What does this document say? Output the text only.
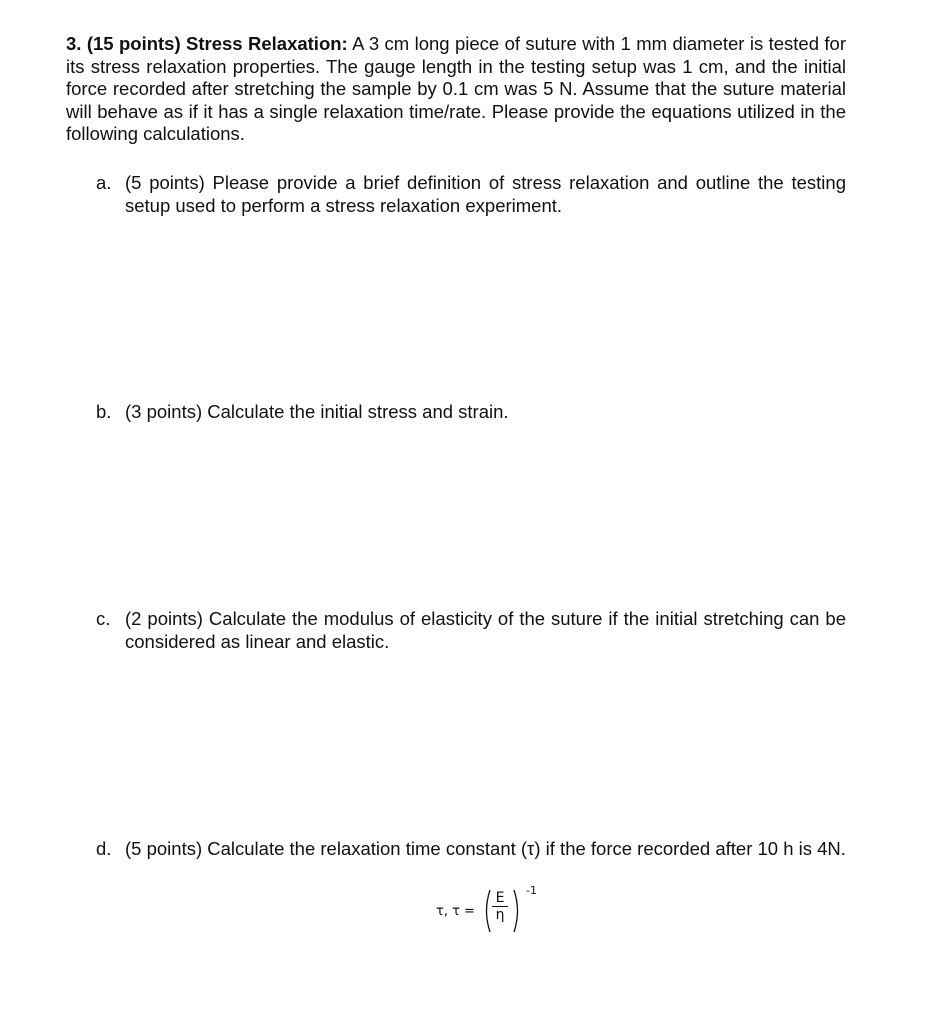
3. (15 points) Stress Relaxation: A 3 cm long piece of suture with 1 mm diameter is tested for its stress relaxation properties. The gauge length in the testing setup was 1 cm, and the initial force recorded after stretching the sample by 0.1 cm was 5 N. Assume that the suture material will behave as if it has a single relaxation time/rate. Please provide the equations utilized in the following calculations.
a. (5 points) Please provide a brief definition of stress relaxation and outline the testing setup used to perform a stress relaxation experiment.
b. (3 points) Calculate the initial stress and strain.
c. (2 points) Calculate the modulus of elasticity of the suture if the initial stretching can be considered as linear and elastic.
d. (5 points) Calculate the relaxation time constant (τ) if the force recorded after 10 h is 4N.
τ, $\tau = \frac{E}{\eta} -1$
